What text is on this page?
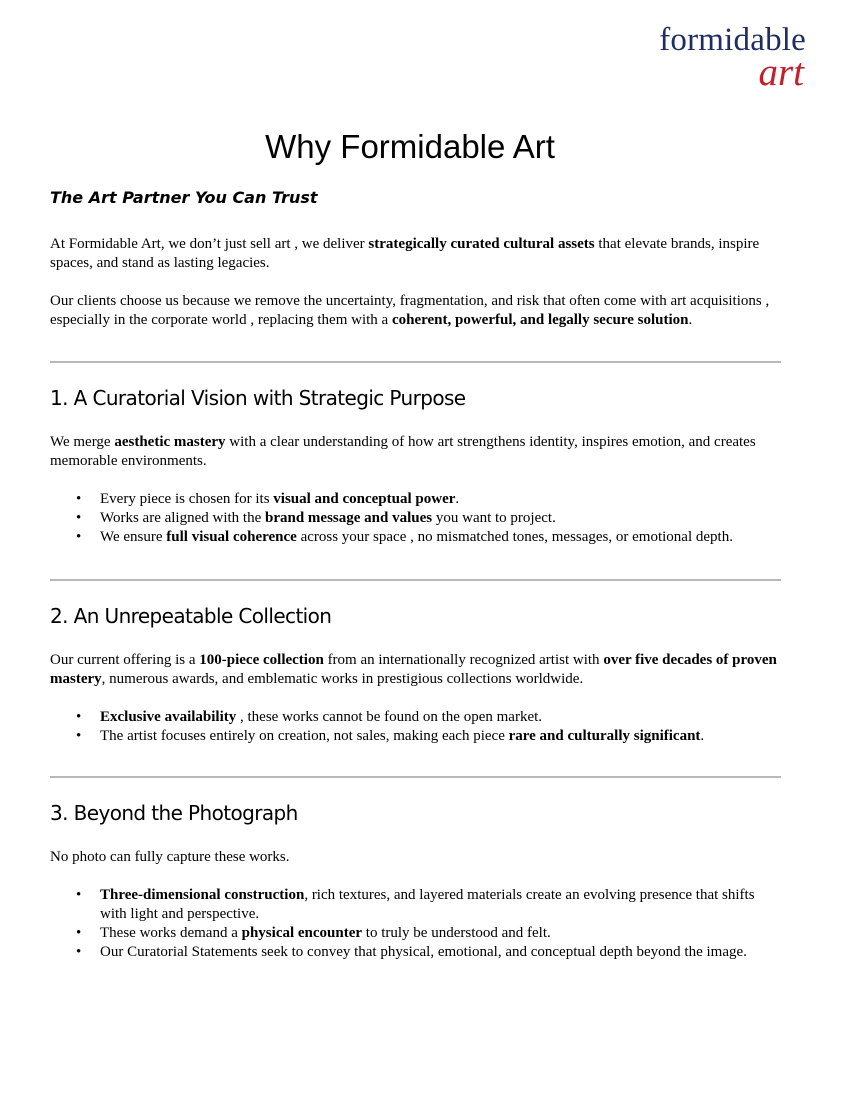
formidable
art
Why Formidable Art
The Art Partner You Can Trust

At Formidable Art, we don’t just sell art , we deliver strategically curated cultural assets that elevate brands, inspire spaces, and stand as lasting legacies.

Our clients choose us because we remove the uncertainty, fragmentation, and risk that often come with art acquisitions , especially in the corporate world , replacing them with a coherent, powerful, and legally secure solution.

1. A Curatorial Vision with Strategic Purpose

We merge aesthetic mastery with a clear understanding of how art strengthens identity, inspires emotion, and creates memorable environments.

• Every piece is chosen for its visual and conceptual power.
• Works are aligned with the brand message and values you want to project.
• We ensure full visual coherence across your space , no mismatched tones, messages, or emotional depth.
2. An Unrepeatable Collection

Our current offering is a 100-piece collection from an internationally recognized artist with over five decades of proven mastery, numerous awards, and emblematic works in prestigious collections worldwide.

• Exclusive availability , these works cannot be found on the open market.
• The artist focuses entirely on creation, not sales, making each piece rare and culturally significant.
3. Beyond the Photograph

No photo can fully capture these works.

• Three-dimensional construction, rich textures, and layered materials create an evolving presence that shifts with light and perspective.
• These works demand a physical encounter to truly be understood and felt.
• Our Curatorial Statements seek to convey that physical, emotional, and conceptual depth beyond the image.
